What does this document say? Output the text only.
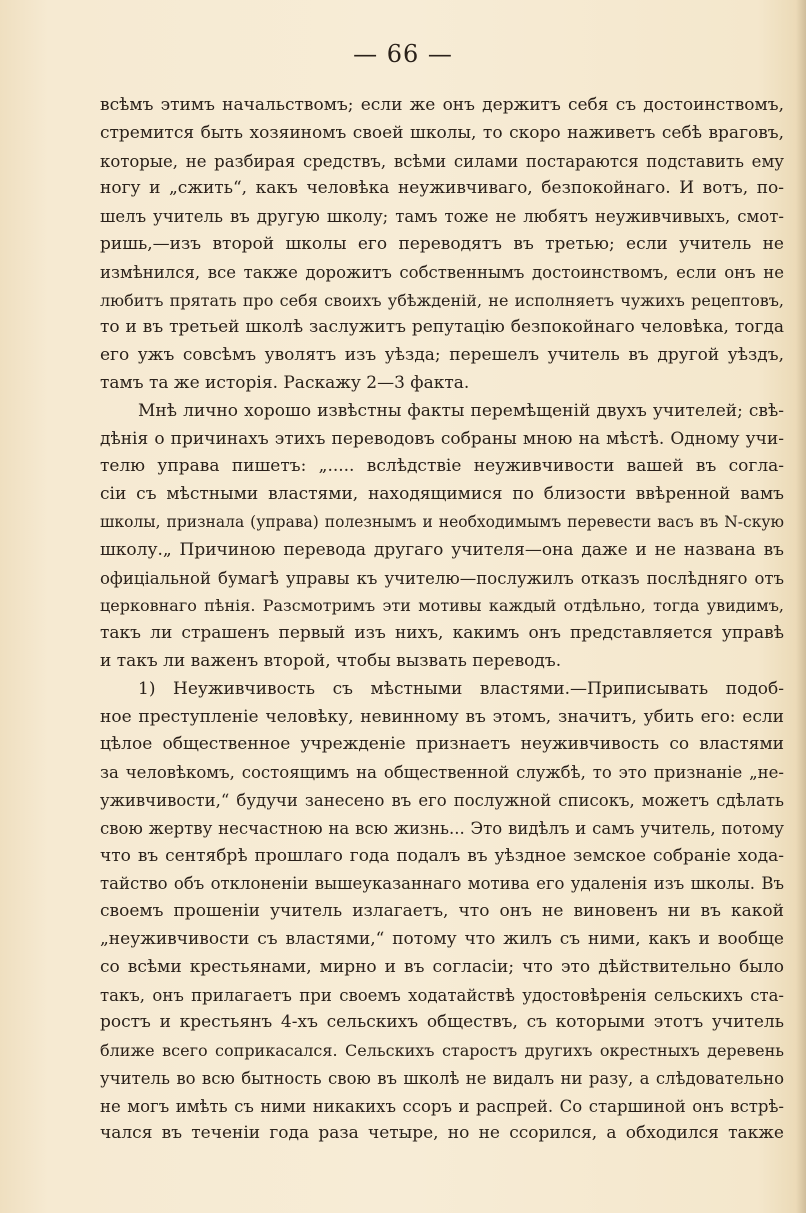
— 66 —
всѣмъ этимъ начальствомъ; если же онъ держитъ себя съ достоинствомъ,
стремится быть хозяиномъ своей школы, то скоро наживетъ себѣ враговъ,
которые, не разбирая средствъ, всѣми силами постараются подставить ему
ногу и „сжить“, какъ человѣка неуживчиваго, безпокойнаго. И вотъ, по-
шелъ учитель въ другую школу; тамъ тоже не любятъ неуживчивыхъ, смот-
ришь,—изъ второй школы его переводятъ въ третью; если учитель не
измѣнился, все также дорожитъ собственнымъ достоинствомъ, если онъ не
любитъ прятать про себя своихъ убѣжденій, не исполняетъ чужихъ рецептовъ,
то и въ третьей школѣ заслужитъ репутацію безпокойнаго человѣка, тогда
его ужъ совсѣмъ уволятъ изъ уѣзда; перешелъ учитель въ другой уѣздъ,
тамъ та же исторія. Раскажу 2—3 факта.
Мнѣ лично хорошо извѣстны факты перемѣщеній двухъ учителей; свѣ-
дѣнія о причинахъ этихъ переводовъ собраны мною на мѣстѣ. Одному учи-
телю управа пишетъ: „..... вслѣдствіе неуживчивости вашей въ согла-
сіи съ мѣстными властями, находящимися по близости ввѣренной вамъ
школы, признала (управа) полезнымъ и необходимымъ перевести васъ въ N-скую
школу.„ Причиною перевода другаго учителя—она даже и не названа въ
офиціальной бумагѣ управы къ учителю—послужилъ отказъ послѣдняго отъ
церковнаго пѣнія. Разсмотримъ эти мотивы каждый отдѣльно, тогда увидимъ,
такъ ли страшенъ первый изъ нихъ, какимъ онъ представляется управѣ
и такъ ли важенъ второй, чтобы вызвать переводъ.
1) Неуживчивость съ мѣстными властями.—Приписывать подоб-
ное преступленіе человѣку, невинному въ этомъ, значитъ, убить его: если
цѣлое общественное учрежденіе признаетъ неуживчивость со властями
за человѣкомъ, состоящимъ на общественной службѣ, то это признаніе „не-
уживчивости,“ будучи занесено въ его послужной списокъ, можетъ сдѣлать
свою жертву несчастною на всю жизнь... Это видѣлъ и самъ учитель, потому
что въ сентябрѣ прошлаго года подалъ въ уѣздное земское собраніе хода-
тайство объ отклоненіи вышеуказаннаго мотива его удаленія изъ школы. Въ
своемъ прошеніи учитель излагаетъ, что онъ не виновенъ ни въ какой
„неуживчивости съ властями,“ потому что жилъ съ ними, какъ и вообще
со всѣми крестьянами, мирно и въ согласіи; что это дѣйствительно было
такъ, онъ прилагаетъ при своемъ ходатайствѣ удостовѣренія сельскихъ ста-
ростъ и крестьянъ 4-хъ сельскихъ обществъ, съ которыми этотъ учитель
ближе всего соприкасался. Сельскихъ старостъ другихъ окрестныхъ деревень
учитель во всю бытность свою въ школѣ не видалъ ни разу, а слѣдовательно
не могъ имѣть съ ними никакихъ ссоръ и распрей. Со старшиной онъ встрѣ-
чался въ теченіи года раза четыре, но не ссорился, а обходился также
